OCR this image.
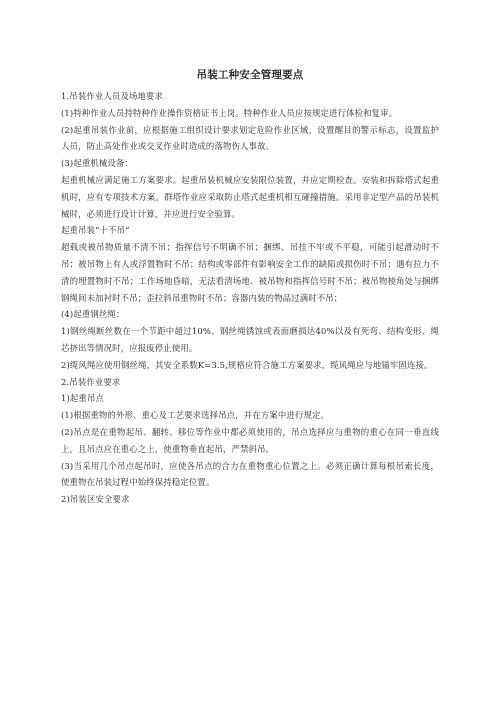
吊装工种安全管理要点

1.吊装作业人员及场地要求

(1)特种作业人员持特种作业操作资格证书上岗。特种作业人员应按规定进行体检和复审。

(2)起重吊装作业前，应根据施工组织设计要求划定危险作业区域，设置醒目的警示标志，设置监护人员，防止高处作业或交叉作业时造成的落物伤人事故。

(3)起重机械设备：

起重机械应满足施工方案要求。起重吊装机械应安装限位装置，并应定期检查。安装和拆除塔式起重机时，应有专项技术方案。群塔作业应采取防止塔式起重机相互碰撞措施。采用非定型产品的吊装机械时，必须进行设计计算，并应进行安全验算。

起重吊装“十不吊”

超载或被吊物质量不清不吊；指挥信号不明确不吊；捆绑、吊挂不牢或不平稳，可能引起滑动时不吊；被吊物上有人或浮置物时不吊；结构或零部件有影响安全工作的缺陷或损伤时不吊；遇有拉力不清的埋置物时不吊；工作场地昏暗，无法看清场地、被吊物和指挥信号时不吊；被吊物棱角处与捆绑钢绳间未加衬时不吊；歪拉斜吊重物时不吊；容器内装的物品过满时不吊；

(4)起重钢丝绳：

1)钢丝绳断丝数在一个节距中超过10%、钢丝绳锈蚀或表面磨损达40%以及有死弯、结构变形、绳芯挤出等情况时，应报废停止使用。

2)缆风绳应使用钢丝绳，其安全系数K=3.5,规格应符合施工方案要求，缆风绳应与地锚牢固连接。

2.吊装作业要求

1)起重吊点

(1)根据重物的外形、重心及工艺要求选择吊点，并在方案中进行规定。

(2)吊点是在重物起吊、翻转、移位等作业中都必须使用的，吊点选择应与重物的重心在同一垂直线上，且吊点应在重心之上，使重物垂直起吊，严禁斜吊。

(3)当采用几个吊点起吊时，应使各吊点的合力在重物重心位置之上。必须正确计算每根吊索长度，使重物在吊装过程中始终保持稳定位置。

2)吊装区安全要求
